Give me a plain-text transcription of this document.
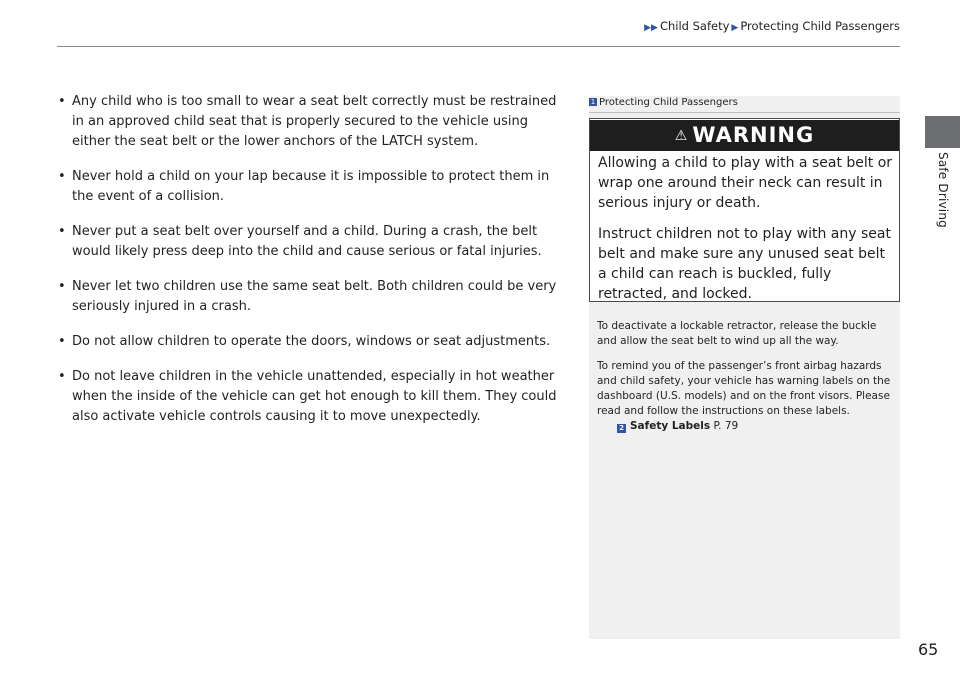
▶▶ Child Safety ▶ Protecting Child Passengers
Safe Driving
• Any child who is too small to wear a seat belt correctly must be restrained in an approved child seat that is properly secured to the vehicle using either the seat belt or the lower anchors of the LATCH system.
• Never hold a child on your lap because it is impossible to protect them in the event of a collision.
• Never put a seat belt over yourself and a child. During a crash, the belt would likely press deep into the child and cause serious or fatal injuries.
• Never let two children use the same seat belt. Both children could be very seriously injured in a crash.
• Do not allow children to operate the doors, windows or seat adjustments.
• Do not leave children in the vehicle unattended, especially in hot weather when the inside of the vehicle can get hot enough to kill them. They could also activate vehicle controls causing it to move unexpectedly.
1 Protecting Child Passengers
⚠ WARNING

Allowing a child to play with a seat belt or wrap one around their neck can result in serious injury or death.

Instruct children not to play with any seat belt and make sure any unused seat belt a child can reach is buckled, fully retracted, and locked.

To deactivate a lockable retractor, release the buckle and allow the seat belt to wind up all the way.

To remind you of the passenger’s front airbag hazards and child safety, your vehicle has warning labels on the dashboard (U.S. models) and on the front visors. Please read and follow the instructions on these labels.

2 Safety Labels P. 79
65
